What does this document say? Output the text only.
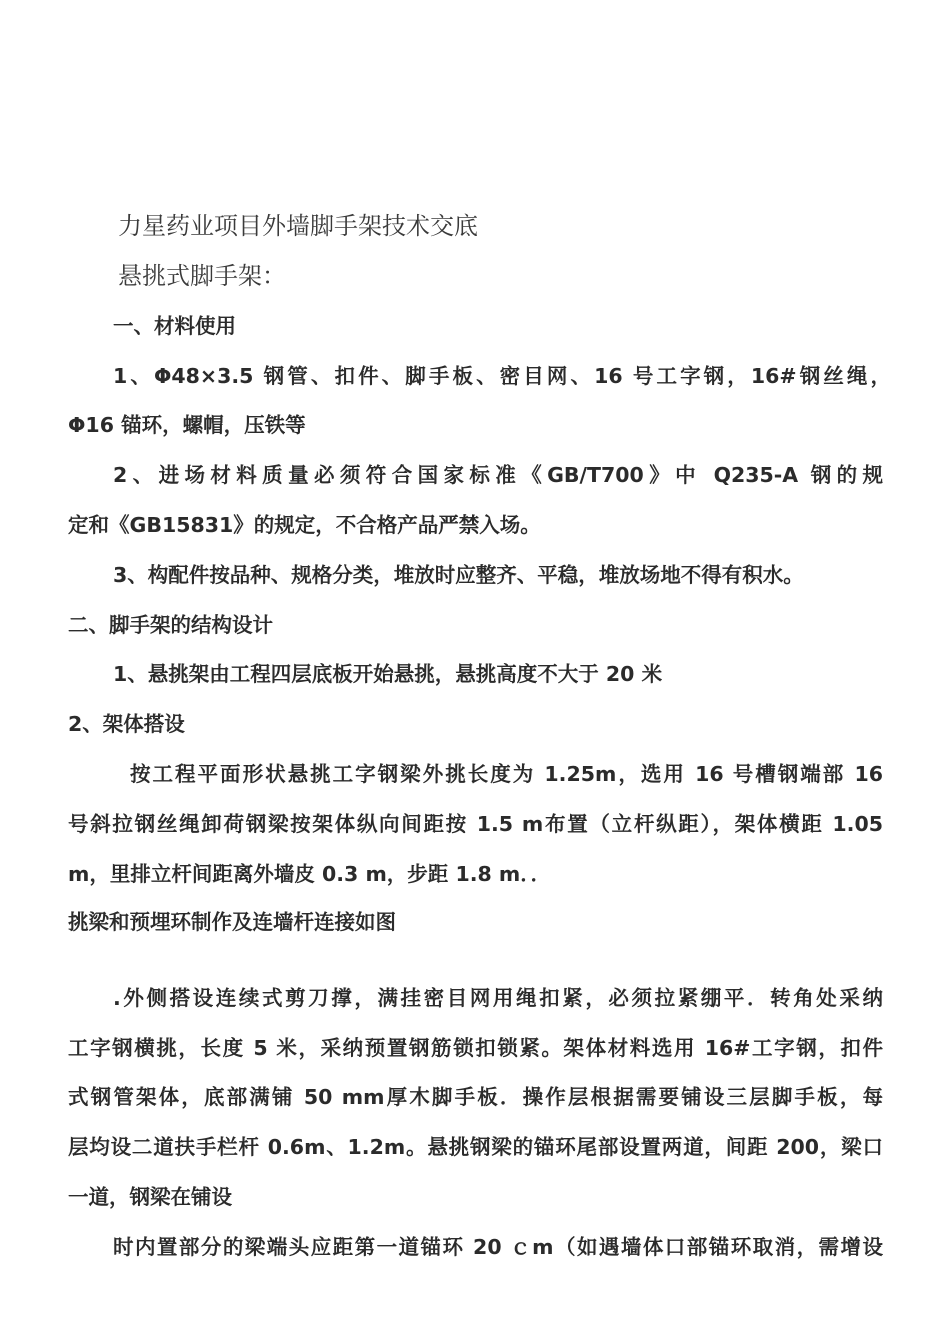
力星药业项目外墙脚手架技术交底
悬挑式脚手架：
一、材料使用
1、Φ48×3.5 钢管、扣件、脚手板、密目网、16 号工字钢，16#钢丝绳，
Φ16 锚环，螺帽，压铁等
2、进场材料质量必须符合国家标准《GB/T700》中 Q235-A 钢的规
定和《GB15831》的规定，不合格产品严禁入场。
3、构配件按品种、规格分类，堆放时应整齐、平稳，堆放场地不得有积水。
二、脚手架的结构设计
1、悬挑架由工程四层底板开始悬挑，悬挑高度不大于 20 米
2、架体搭设
按工程平面形状悬挑工字钢梁外挑长度为 1.25m，选用 16 号槽钢端部 16
号斜拉钢丝绳卸荷钢梁按架体纵向间距按 1.5 m布置（立杆纵距），架体横距 1.05
m，里排立杆间距离外墙皮 0.3 m，步距 1.8 m．．
挑梁和预埋环制作及连墙杆连接如图
.外侧搭设连续式剪刀撑，满挂密目网用绳扣紧，必须拉紧绷平．转角处采纳
工字钢横挑，长度 5 米，采纳预置钢筋锁扣锁紧。架体材料选用 16#工字钢，扣件
式钢管架体，底部满铺 50 mm厚木脚手板．操作层根据需要铺设三层脚手板，每
层均设二道扶手栏杆 0.6m、1.2m。悬挑钢梁的锚环尾部设置两道，间距 200，梁口
一道，钢梁在铺设
时内置部分的梁端头应距第一道锚环 20 ｃm（如遇墙体口部锚环取消，需增设
